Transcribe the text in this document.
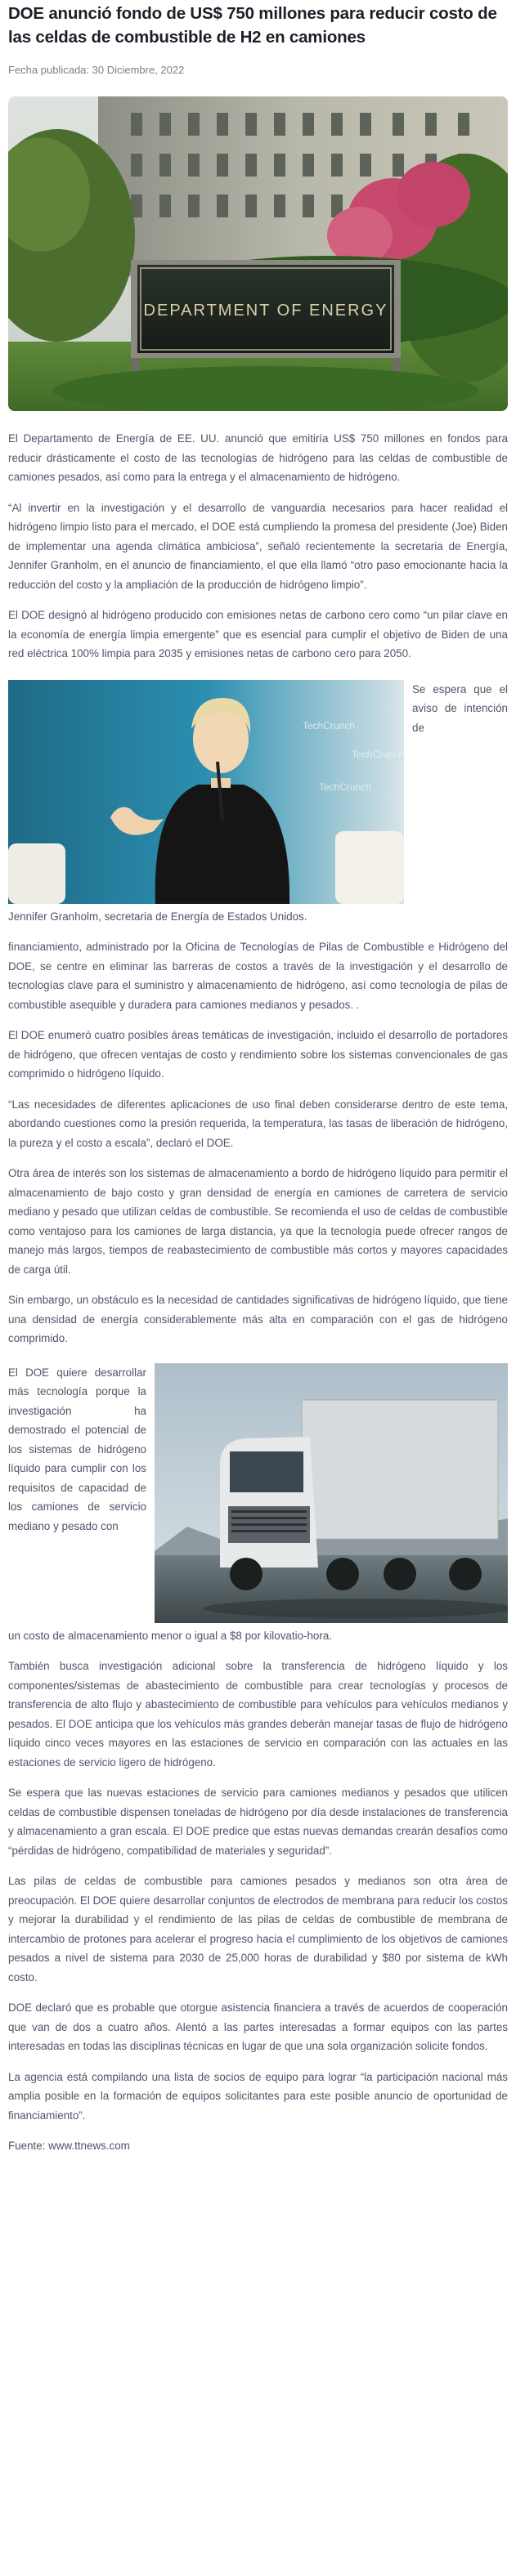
DOE anunció fondo de US$ 750 millones para reducir costo de las celdas de combustible de H2 en camiones
Fecha publicada: 30 Diciembre, 2022
DEPARTMENT OF ENERGY

El Departamento de Energía de EE. UU. anunció que emitiría US$ 750 millones en fondos para reducir drásticamente el costo de las tecnologías de hidrógeno para las celdas de combustible de camiones pesados, así como para la entrega y el almacenamiento de hidrógeno.

“Al invertir en la investigación y el desarrollo de vanguardia necesarios para hacer realidad el hidrógeno limpio listo para el mercado, el DOE está cumpliendo la promesa del presidente (Joe) Biden de implementar una agenda climática ambiciosa”, señaló recientemente la secretaria de Energía, Jennifer Granholm, en el anuncio de financiamiento, el que ella llamó “otro paso emocionante hacia la reducción del costo y la ampliación de la producción de hidrógeno limpio”.

El DOE designó al hidrógeno producido con emisiones netas de carbono cero como “un pilar clave en la economía de energía limpia emergente” que es esencial para cumplir el objetivo de Biden de una red eléctrica 100% limpia para 2035 y emisiones netas de carbono cero para 2050.

TechCrunch
TechCrunch
TechCrunch

Se espera que el aviso de intención de

Jennifer Granholm, secretaria de Energía de Estados Unidos.

financiamiento, administrado por la Oficina de Tecnologías de Pilas de Combustible e Hidrógeno del DOE, se centre en eliminar las barreras de costos a través de la investigación y el desarrollo de tecnologías clave para el suministro y almacenamiento de hidrógeno, así como tecnología de pilas de combustible asequible y duradera para camiones medianos y pesados. .

El DOE enumeró cuatro posibles áreas temáticas de investigación, incluido el desarrollo de portadores de hidrógeno, que ofrecen ventajas de costo y rendimiento sobre los sistemas convencionales de gas comprimido o hidrógeno líquido.

“Las necesidades de diferentes aplicaciones de uso final deben considerarse dentro de este tema, abordando cuestiones como la presión requerida, la temperatura, las tasas de liberación de hidrógeno, la pureza y el costo a escala”, declaró el DOE.

Otra área de interés son los sistemas de almacenamiento a bordo de hidrógeno líquido para permitir el almacenamiento de bajo costo y gran densidad de energía en camiones de carretera de servicio mediano y pesado que utilizan celdas de combustible. Se recomienda el uso de celdas de combustible como ventajoso para los camiones de larga distancia, ya que la tecnología puede ofrecer rangos de manejo más largos, tiempos de reabastecimiento de combustible más cortos y mayores capacidades de carga útil.

Sin embargo, un obstáculo es la necesidad de cantidades significativas de hidrógeno líquido, que tiene una densidad de energía considerablemente más alta en comparación con el gas de hidrógeno comprimido.

El DOE quiere desarrollar más tecnología porque la investigación ha demostrado el potencial de los sistemas de hidrógeno líquido para cumplir con los requisitos de capacidad de los camiones de servicio mediano y pesado con

un costo de almacenamiento menor o igual a $8 por kilovatio-hora.

También busca investigación adicional sobre la transferencia de hidrógeno líquido y los componentes/sistemas de abastecimiento de combustible para crear tecnologías y procesos de transferencia de alto flujo y abastecimiento de combustible para vehículos para vehículos medianos y pesados. El DOE anticipa que los vehículos más grandes deberán manejar tasas de flujo de hidrógeno líquido cinco veces mayores en las estaciones de servicio en comparación con las actuales en las estaciones de servicio ligero de hidrógeno.

Se espera que las nuevas estaciones de servicio para camiones medianos y pesados que utilicen celdas de combustible dispensen toneladas de hidrógeno por día desde instalaciones de transferencia y almacenamiento a gran escala. El DOE predice que estas nuevas demandas crearán desafíos como “pérdidas de hidrógeno, compatibilidad de materiales y seguridad”.

Las pilas de celdas de combustible para camiones pesados y medianos son otra área de preocupación. El DOE quiere desarrollar conjuntos de electrodos de membrana para reducir los costos y mejorar la durabilidad y el rendimiento de las pilas de celdas de combustible de membrana de intercambio de protones para acelerar el progreso hacia el cumplimiento de los objetivos de camiones pesados a nivel de sistema para 2030 de 25,000 horas de durabilidad y $80 por sistema de kWh costo.

DOE declaró que es probable que otorgue asistencia financiera a través de acuerdos de cooperación que van de dos a cuatro años. Alentó a las partes interesadas a formar equipos con las partes interesadas en todas las disciplinas técnicas en lugar de que una sola organización solicite fondos.

La agencia está compilando una lista de socios de equipo para lograr “la participación nacional más amplia posible en la formación de equipos solicitantes para este posible anuncio de oportunidad de financiamiento”.

Fuente: www.ttnews.com
